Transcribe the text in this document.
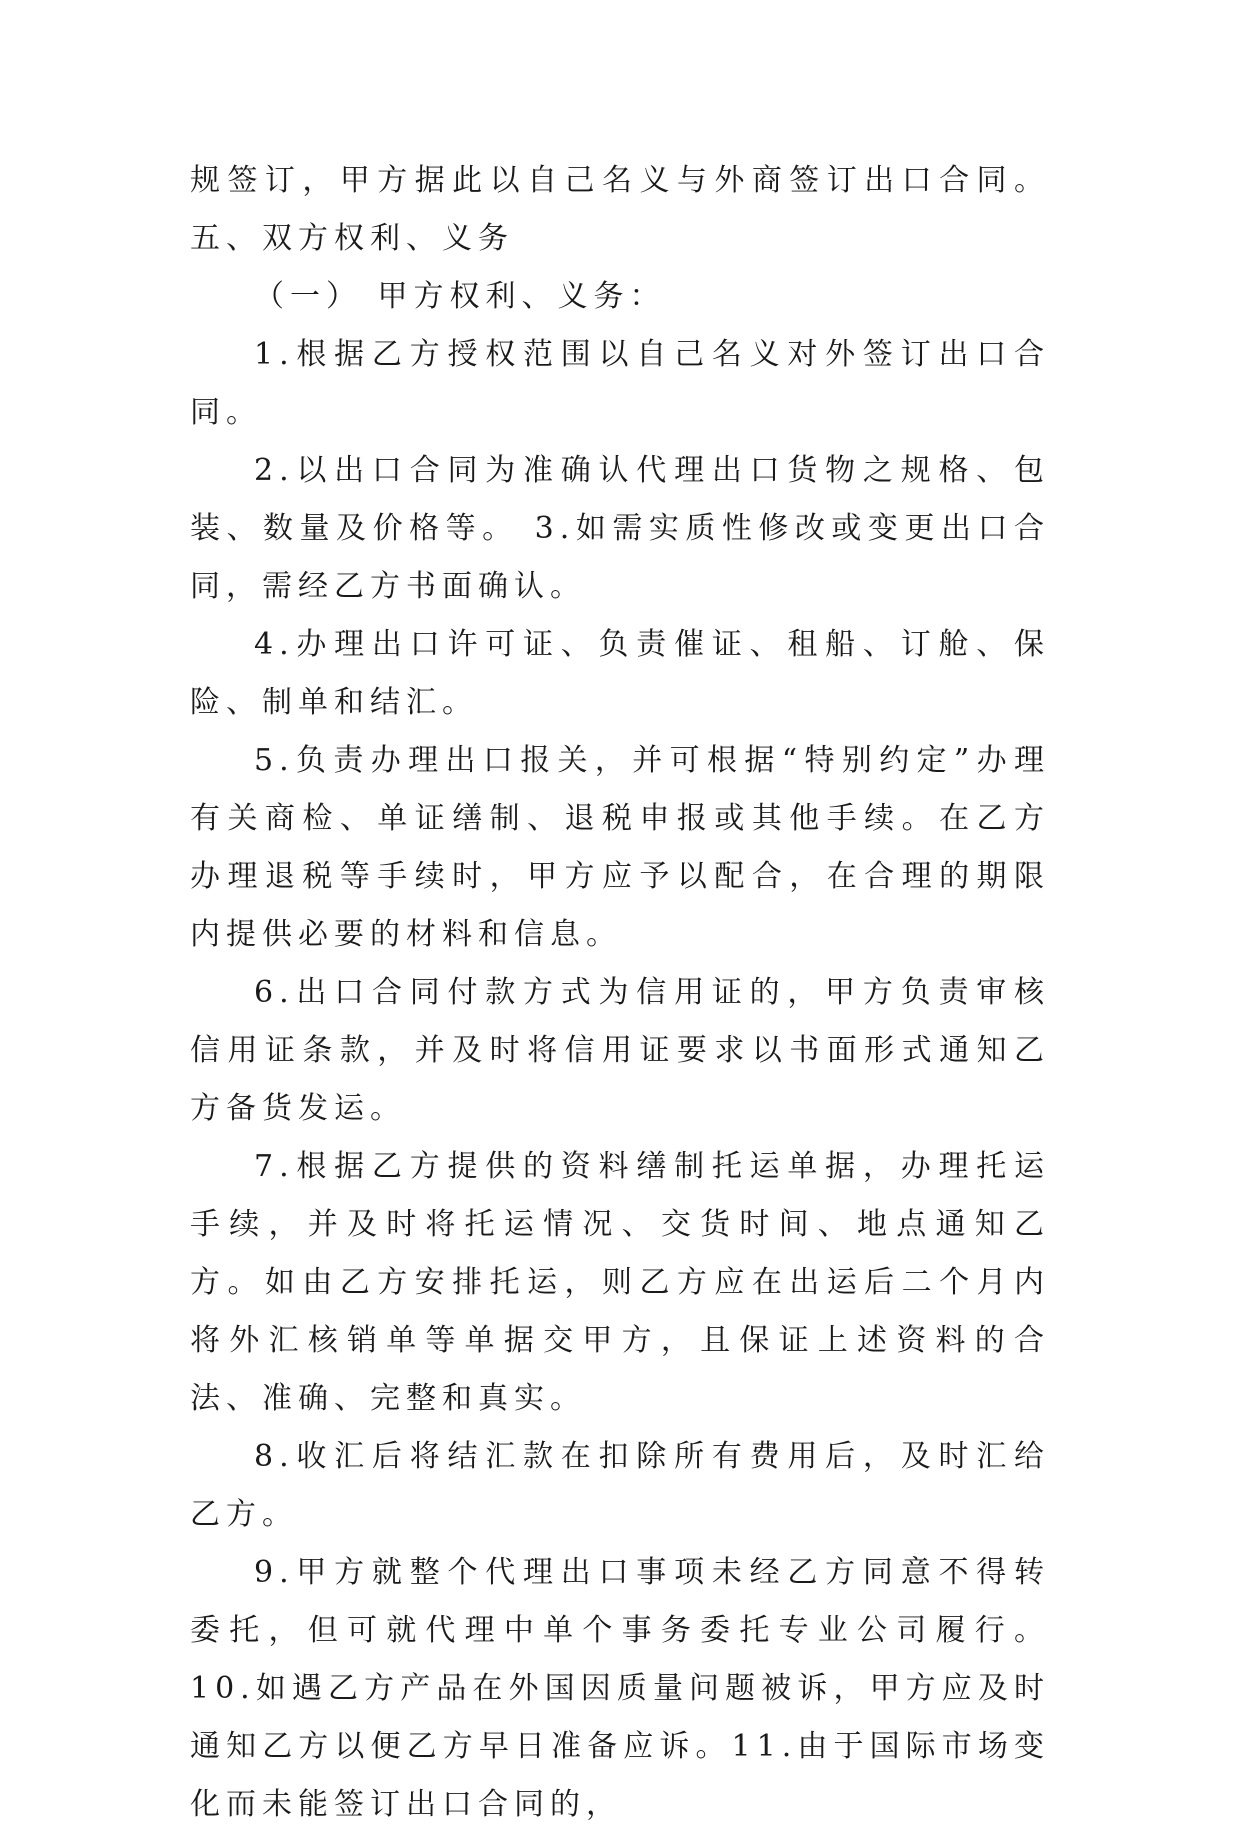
规签订，甲方据此以自己名义与外商签订出口合同。 五、双方权利、义务

（一） 甲方权利、义务：

1.根据乙方授权范围以自己名义对外签订出口合同。

2.以出口合同为准确认代理出口货物之规格、包装、数量及价格等。 3.如需实质性修改或变更出口合同，需经乙方书面确认。

4.办理出口许可证、负责催证、租船、订舱、保险、制单和结汇。

5.负责办理出口报关，并可根据“特别约定”办理有关商检、单证缮制、退税申报或其他手续。在乙方办理退税等手续时，甲方应予以配合，在合理的期限内提供必要的材料和信息。

6.出口合同付款方式为信用证的，甲方负责审核信用证条款，并及时将信用证要求以书面形式通知乙方备货发运。

7.根据乙方提供的资料缮制托运单据，办理托运手续，并及时将托运情况、交货时间、地点通知乙方。如由乙方安排托运，则乙方应在出运后二个月内将外汇核销单等单据交甲方，且保证上述资料的合法、准确、完整和真实。

8.收汇后将结汇款在扣除所有费用后，及时汇给乙方。

9.甲方就整个代理出口事项未经乙方同意不得转委托，但可就代理中单个事务委托专业公司履行。 10.如遇乙方产品在外国因质量问题被诉，甲方应及时通知乙方以便乙方早日准备应诉。11.由于国际市场变化而未能签订出口合同的，
